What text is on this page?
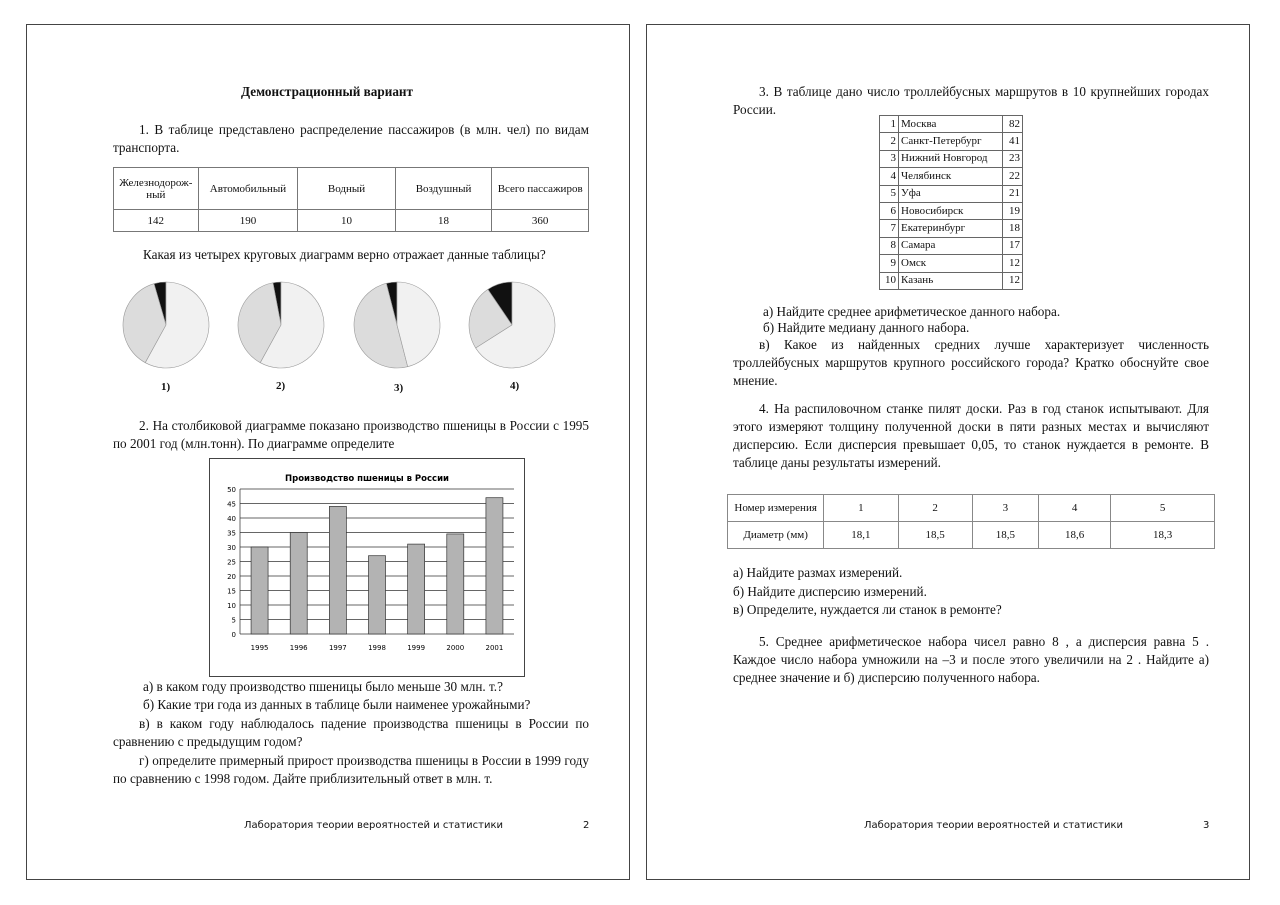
Демонстрационный вариант
1. В таблице представлено распределение пассажиров (в млн. чел) по видам транспорта.
Железнодорож-ный	Автомобильный	Водный	Воздушный	Всего пассажиров
142	190	10	18	360
Какая из четырех круговых диаграмм верно отражает данные таблицы?
1)	2)	3)	4)
2. На столбиковой диаграмме показано производство пшеницы в России с 1995 по 2001 год (млн.тонн). По диаграмме определите
Производство пшеницы в России
0
5
10
15
20
25
30
35
40
45
50
1995	1996	1997	1998	1999	2000	2001
а) в каком году производство пшеницы было меньше 30 млн. т.?
б) Какие три года из данных в таблице были наименее урожайными?
в) в каком году наблюдалось падение производства пшеницы в России по сравнению с предыдущим годом?
г) определите примерный прирост производства пшеницы в России в 1999 году по сравнению с 1998 годом. Дайте приблизительный ответ в млн. т.
Лаборатория теории вероятностей и статистики	2
3. В таблице дано число троллейбусных маршрутов в 10 крупнейших городах России.
1	Москва	82
2	Санкт-Петербург	41
3	Нижний Новгород	23
4	Челябинск	22
5	Уфа	21
6	Новосибирск	19
7	Екатеринбург	18
8	Самара	17
9	Омск	12
10	Казань	12
а) Найдите среднее арифметическое данного набора.
б) Найдите медиану данного набора.
в) Какое из найденных средних лучше характеризует численность троллейбусных маршрутов крупного российского города? Кратко обоснуйте свое мнение.
4. На распиловочном станке пилят доски. Раз в год станок испытывают. Для этого измеряют толщину полученной доски в пяти разных местах и вычисляют дисперсию. Если дисперсия превышает 0,05, то станок нуждается в ремонте. В таблице даны результаты измерений.
Номер измерения	1	2	3	4	5
Диаметр (мм)	18,1	18,5	18,5	18,6	18,3
а) Найдите размах измерений.
б) Найдите дисперсию измерений.
в) Определите, нуждается ли станок в ремонте?
5. Среднее арифметическое набора чисел равно 8 , а дисперсия равна 5 . Каждое число набора умножили на –3 и после этого увеличили на 2 . Найдите а) среднее значение и б) дисперсию полученного набора.
Лаборатория теории вероятностей и статистики	3
